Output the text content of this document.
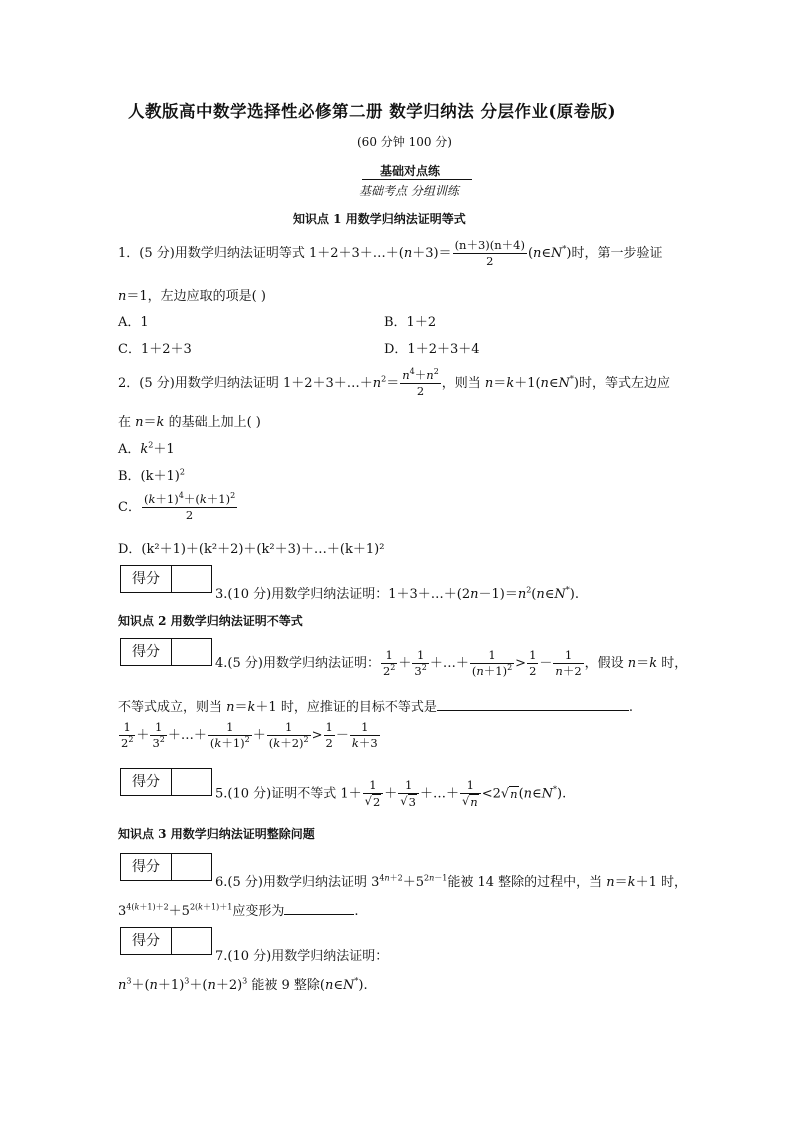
人教版高中数学选择性必修第二册 数学归纳法 分层作业(原卷版)
(60 分钟 100 分)
基础对点练
基础考点 分组训练
知识点 1 用数学归纳法证明等式
1．(5 分)用数学归纳法证明等式 1＋2＋3＋…＋(n＋3)＝ $\frac{(n+3)(n+4)}{2}$ (n∈N*)时，第一步验证
n＝1，左边应取的项是( )
A．1	B．1＋2
C．1＋2＋3	D．1＋2＋3＋4
2．(5 分)用数学归纳法证明 $1+2+3+\dots+n^2= \frac{n^4+n^2}{2}$ ，则当 n＝k＋1(n∈N*)时，等式左边应
在 n＝k 的基础上加上( )
A．$k^2+1$
B．$(k+1)^2$
C． $\frac{(k+1)^4+(k+1)^2}{2}$
D．(k²＋1)＋(k²＋2)＋(k²＋3)＋…＋(k＋1)²
得分
3.(10 分)用数学归纳法证明：$1+3+\dots+(2n-1)=n^2(n\in N^*)$.
知识点 2 用数学归纳法证明不等式
得分
4.(5 分)用数学归纳法证明： $\frac{1}{2^2} + \frac{1}{3^2}$ ＋…＋ $\frac{1}{(n+1)^2} > \frac{1}{2} - \frac{1}{n+2}$ ，假设 n＝k 时，
不等式成立，则当 n＝k＋1 时，应推证的目标不等式是	.
$\frac{1}{2^2} + \frac{1}{3^2}$ ＋…＋ $\frac{1}{(k+1)^2} + \frac{1}{(k+2)^2} > \frac{1}{2} - \frac{1}{k+3}$
得分
5.(10 分)证明不等式 $1+ \frac{1}{√2} + \frac{1}{√3}$ ＋…＋ $\frac{1}{√n}$ <2√n(n∈N*).
知识点 3 用数学归纳法证明整除问题
得分
6.(5 分)用数学归纳法证明 $3^{4n+2}+5^{2n-1}$能被 14 整除的过程中，当 n＝k＋1 时，
$3^{4(k+1)+2}+5^{2(k+1)+1}$应变形为	.
得分
7.(10 分)用数学归纳法证明：
$n^3+(n+1)^3+(n+2)^3$ 能被 9 整除(n∈N*).
